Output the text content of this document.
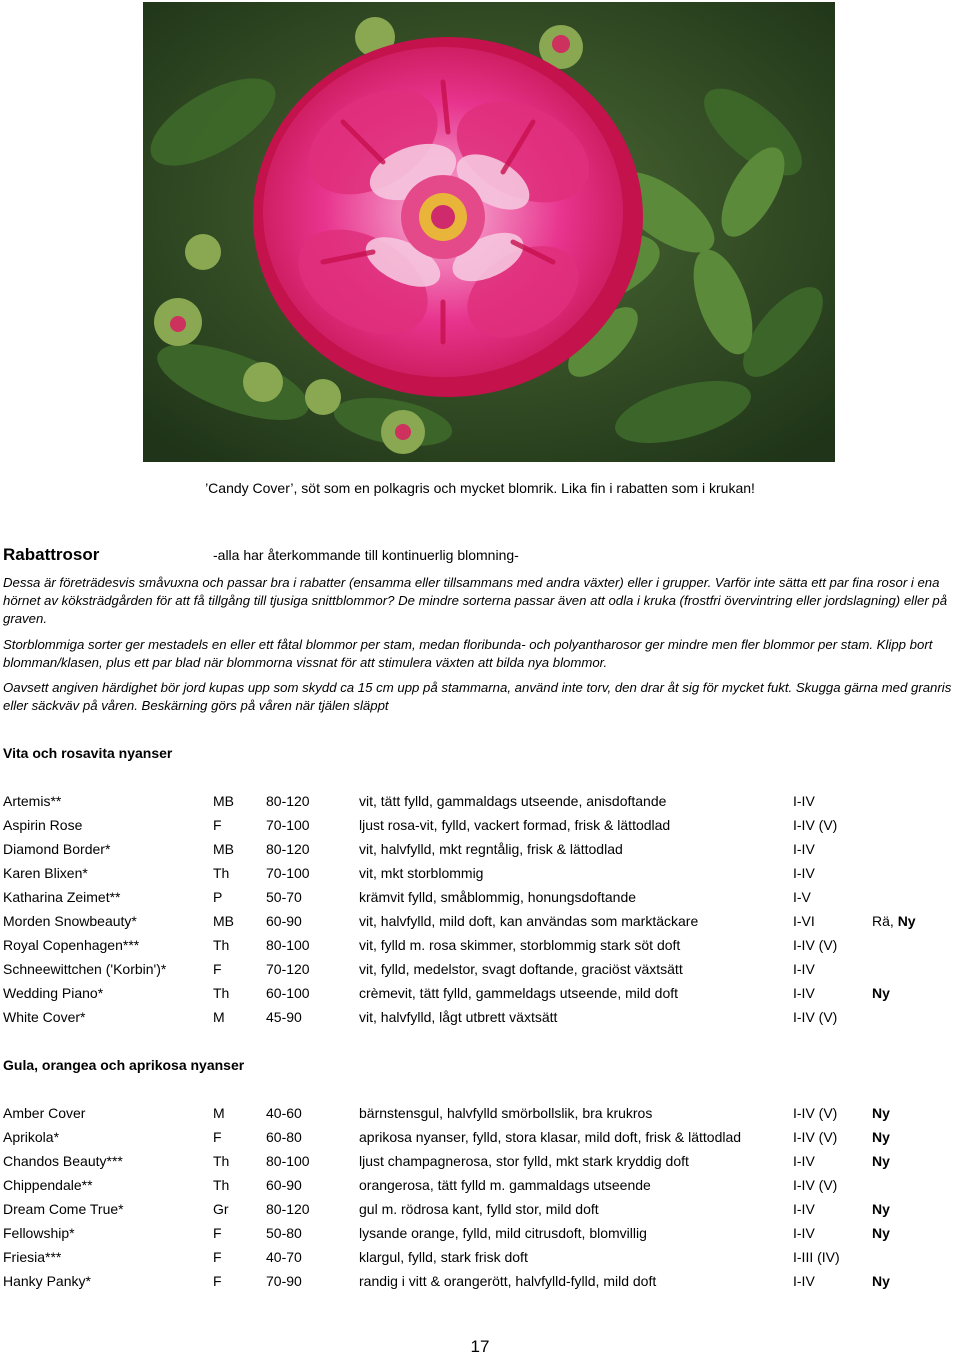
’Candy Cover’, söt som en polkagris och mycket blomrik. Lika fin i rabatten som i krukan!
Rabattrosor	-alla har återkommande till kontinuerlig blomning-

Dessa är företrädesvis småvuxna och passar bra i rabatter (ensamma eller tillsammans med andra växter) eller i grupper. Varför inte sätta ett par fina rosor i ena hörnet av köksträdgården för att få tillgång till tjusiga snittblommor? De mindre sorterna passar även att odla i kruka (frostfri övervintring eller jordslagning) eller på graven.

Storblommiga sorter ger mestadels en eller ett fåtal blommor per stam, medan floribunda- och polyantharosor ger mindre men fler blommor per stam. Klipp bort blomman/klasen, plus ett par blad när blommorna vissnat för att stimulera växten att bilda nya blommor.

Oavsett angiven härdighet bör jord kupas upp som skydd ca 15 cm upp på stammarna, använd inte torv, den drar åt sig för mycket fukt. Skugga gärna med granris eller säckväv på våren. Beskärning görs på våren när tjälen släppt

Vita och rosavita nyanser
Artemis**	MB 80-120	vit, tätt fylld, gammaldags utseende, anisdoftande	I-IV
Aspirin Rose	F	70-100	ljust rosa-vit, fylld, vackert formad, frisk & lättodlad	I-IV (V)
Diamond Border*	MB 80-120	vit, halvfylld, mkt regntålig, frisk & lättodlad	I-IV
Karen Blixen*	Th	70-100	vit, mkt storblommig	I-IV
Katharina Zeimet**	P	50-70	krämvit fylld, småblommig, honungsdoftande	I-V
Morden Snowbeauty*	MB 60-90	vit, halvfylld, mild doft, kan användas som marktäckare	I-VI	Rä, Ny
Royal Copenhagen***	Th	80-100	vit, fylld m. rosa skimmer, storblommig stark söt doft	I-IV (V)
Schneewittchen ('Korbin')*	F	70-120	vit, fylld, medelstor, svagt doftande, graciöst växtsätt	I-IV
Wedding Piano*	Th	60-100	crèmevit, tätt fylld, gammeldags utseende, mild doft	I-IV	Ny
White Cover*	M	45-90	vit, halvfylld, lågt utbrett växtsätt	I-IV (V)
Gula, orangea och aprikosa nyanser
Amber Cover	M	40-60	bärnstensgul, halvfylld smörbollslik, bra krukros	I-IV (V) Ny
Aprikola*	F	60-80	aprikosa nyanser, fylld, stora klasar, mild doft, frisk & lättodlad	I-IV (V) Ny
Chandos Beauty***	Th	80-100	ljust champagnerosa, stor fylld, mkt stark kryddig doft	I-IV	Ny
Chippendale**	Th	60-90	orangerosa, tätt fylld m. gammaldags utseende	I-IV (V)
Dream Come True*	Gr	80-120	gul m. rödrosa kant, fylld stor, mild doft	I-IV	Ny
Fellowship*	F	50-80	lysande orange, fylld, mild citrusdoft, blomvillig	I-IV	Ny
Friesia***	F	40-70	klargul, fylld, stark frisk doft	I-III (IV)
Hanky Panky*	F	70-90	randig i vitt & orangerött, halvfylld-fylld, mild doft	I-IV	Ny
17
